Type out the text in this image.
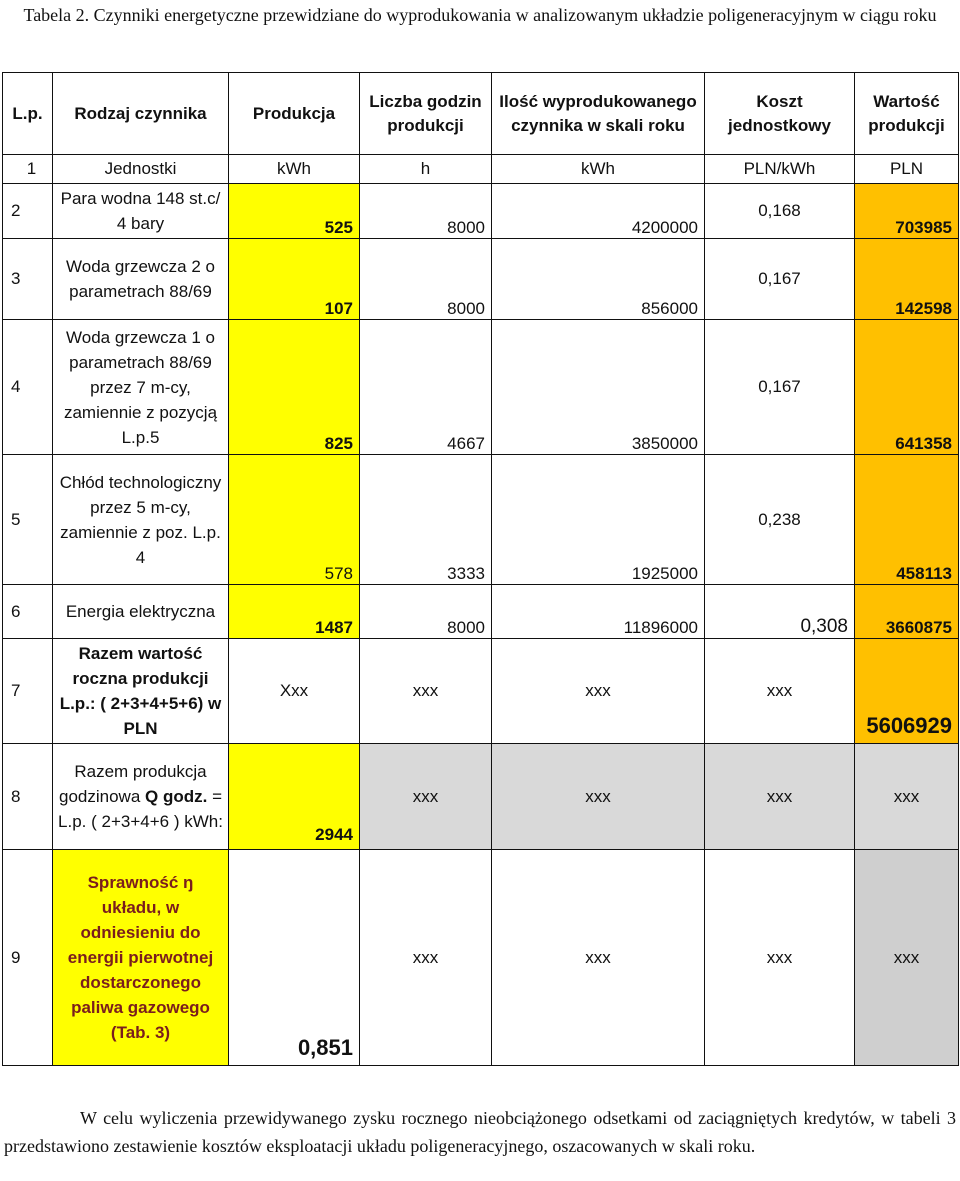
Tabela 2. Czynniki energetyczne przewidziane do wyprodukowania w analizowanym układzie poligeneracyjnym w ciągu roku
L.p.	Rodzaj czynnika	Produkcja	Liczba godzin produkcji	Ilość wyprodukowanego czynnika w skali roku	Koszt jednostkowy	Wartość produkcji
1	Jednostki	kWh	h	kWh	PLN/kWh	PLN
2	Para wodna 148 st.c/ 4 bary	525	8000	4200000	0,168	703985
3	Woda grzewcza 2 o parametrach 88/69	107	8000	856000	0,167	142598
4	Woda grzewcza 1 o parametrach 88/69 przez 7 m-cy, zamiennie z pozycją L.p.5	825	4667	3850000	0,167	641358
5	Chłód technologiczny przez 5 m-cy, zamiennie z poz. L.p. 4	578	3333	1925000	0,238	458113
6	Energia elektryczna	1487	8000	11896000	0,308	3660875
7	Razem wartość roczna produkcji L.p.: ( 2+3+4+5+6) w PLN	Xxx	xxx	xxx	xxx	5606929
8	Razem produkcja godzinowa Q godz. = L.p. ( 2+3+4+6 ) kWh:	2944	xxx	xxx	xxx	xxx
9	Sprawność ŋ układu, w odniesieniu do energii pierwotnej dostarczonego paliwa gazowego (Tab. 3)	0,851	xxx	xxx	xxx	xxx
W celu wyliczenia przewidywanego zysku rocznego nieobciążonego odsetkami od zaciągniętych kredytów, w tabeli 3 przedstawiono zestawienie kosztów eksploatacji układu poligeneracyjnego, oszacowanych w skali roku.
